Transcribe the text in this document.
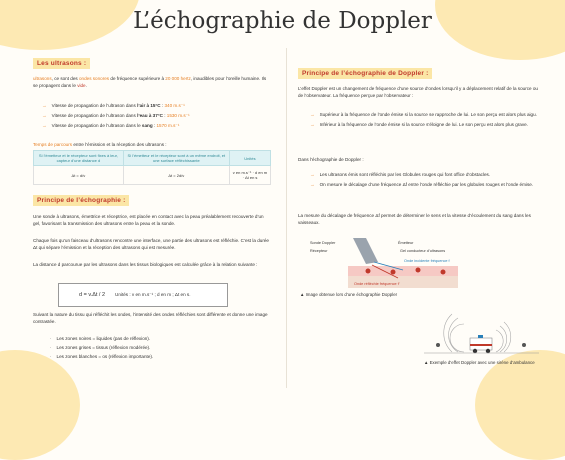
L’échographie de Doppler
Les ultrasons :
ultrasons, ce sont des ondes sonores de fréquence supérieure à 20 000 hertz, inaudibles pour l’oreille humaine. Ils se propagent dans le vide.

→ Vitesse de propagation de l’ultrason dans l’air à 15°C : 340 m.s⁻¹

→ Vitesse de propagation de l’ultrason dans l’eau à 37°C : 1530 m.s⁻¹

→ Vitesse de propagation de l’ultrason dans le sang : 1570 m.s⁻¹

Temps de parcours entre l’émission et la réception des ultrasons :
Si l’émetteur et le récepteur sont fixes à leur, capteur d’une distance d	Si l’émetteur et le récepteur sont à un même endroit, et une surface réfléchissante	Unités
Δt = d/v	Δt = 2d/v	v en m.s⁻¹ · d en m · Δt en s
Principe de l’échographie :
Une sonde à ultrasons, émettrice et réceptrice, est placée en contact avec la peau préalablement recouverte d’un gel, favorisant la transmission des ultrasons entre la peau et la sonde.
Chaque fois qu’un faisceau d’ultrasons rencontre une interface, une partie des ultrasons est réfléchie. C’est la durée Δt qui sépare l’émission et la réception des ultrasons qui est mesurée.
La distance d parcourue par les ultrasons dans les tissus biologiques est calculée grâce à la relation suivante :
d = v.Δt / 2 Unités : v en m.s⁻¹ ; d en m ; Δt en s.
Suivant la nature du tissu qui réfléchit les ondes, l’intensité des ondes réfléchies sont différente et donne une image contrastée.

· Les zones noires = liquides (pas de réflexion).

· Les zones grises = tissus (réflexion modérée).

· Les zones blanches = os (réflexion importante).

Principe de l’échographie de Doppler :
L’effet Doppler est un changement de fréquence d’une source d’ondes lorsqu’il y a déplacement relatif de la source ou de l’observateur. La fréquence perçue par l’observateur :

→ Supérieur à la fréquence de l’onde émise si la source se rapproche de lui. Le son perçu est alors plus aigu.

→ Inférieur à la fréquence de l’onde émise si la source s’éloigne de lui. Le son perçu est alors plus grave.

Dans l’échographie de Doppler :

→ Les ultrasons émis sont réfléchis par les Globules rouges qui font office d’obstacles.

→ On mesure le décalage d’une fréquence Δf entre l’onde réfléchie par les globules rouges et l’onde émise.

La mesure du décalage de fréquence Δf permet de déterminer le sens et la vitesse d’écoulement du sang dans les vaisseaux.
Sonde Doppler
Récepteur
Émetteur
Gel conducteur d’ultrasons
Onde incidente fréquence f
Onde réfléchie fréquence f’
▲ Image obtenue lors d’une échographie Doppler
▲ Exemple d’effet Doppler avec une sirène d’ambulance
